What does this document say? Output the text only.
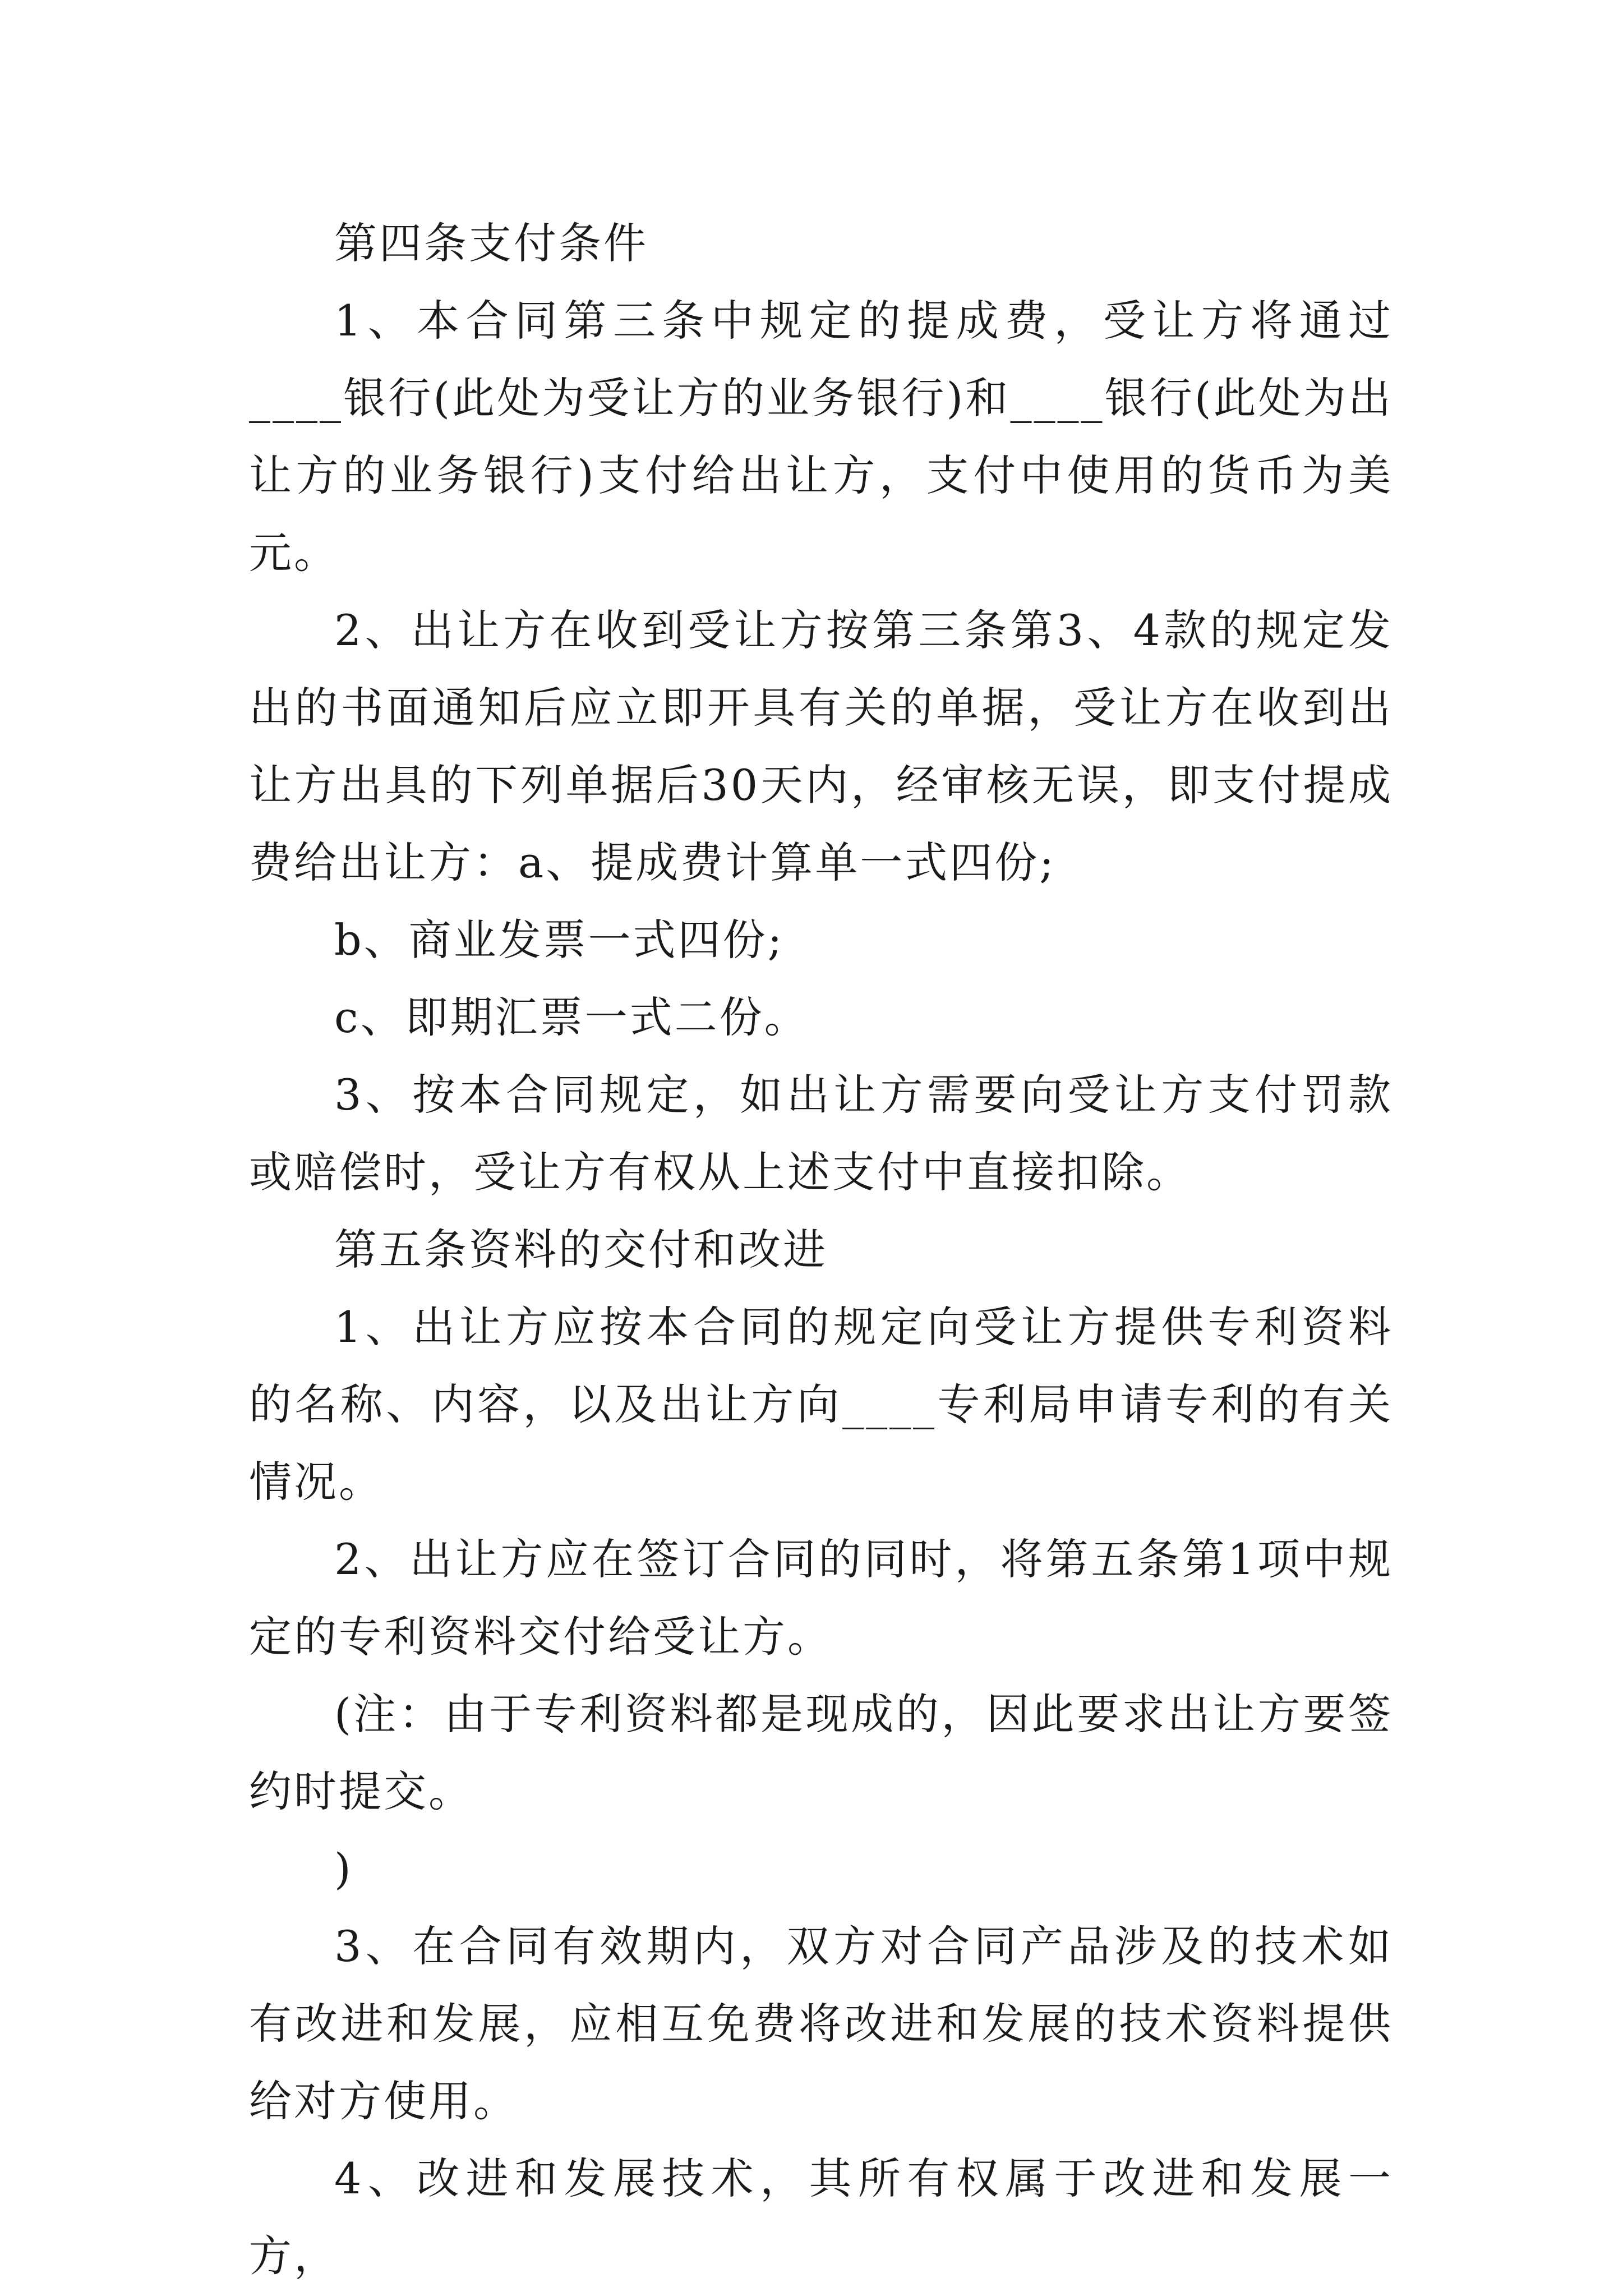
第四条支付条件

1、本合同第三条中规定的提成费，受让方将通过____银行(此处为受让方的业务银行)和____银行(此处为出让方的业务银行)支付给出让方，支付中使用的货币为美元。

2、出让方在收到受让方按第三条第3、4款的规定发出的书面通知后应立即开具有关的单据，受让方在收到出让方出具的下列单据后30天内，经审核无误，即支付提成费给出让方：a、提成费计算单一式四份;

b、商业发票一式四份;

c、即期汇票一式二份。

3、按本合同规定，如出让方需要向受让方支付罚款或赔偿时，受让方有权从上述支付中直接扣除。

第五条资料的交付和改进

1、出让方应按本合同的规定向受让方提供专利资料的名称、内容，以及出让方向____专利局申请专利的有关情况。

2、出让方应在签订合同的同时，将第五条第1项中规定的专利资料交付给受让方。

(注：由于专利资料都是现成的，因此要求出让方要签约时提交。

)

3、在合同有效期内，双方对合同产品涉及的技术如有改进和发展，应相互免费将改进和发展的技术资料提供给对方使用。

4、改进和发展技术，其所有权属于改进和发展一方，
